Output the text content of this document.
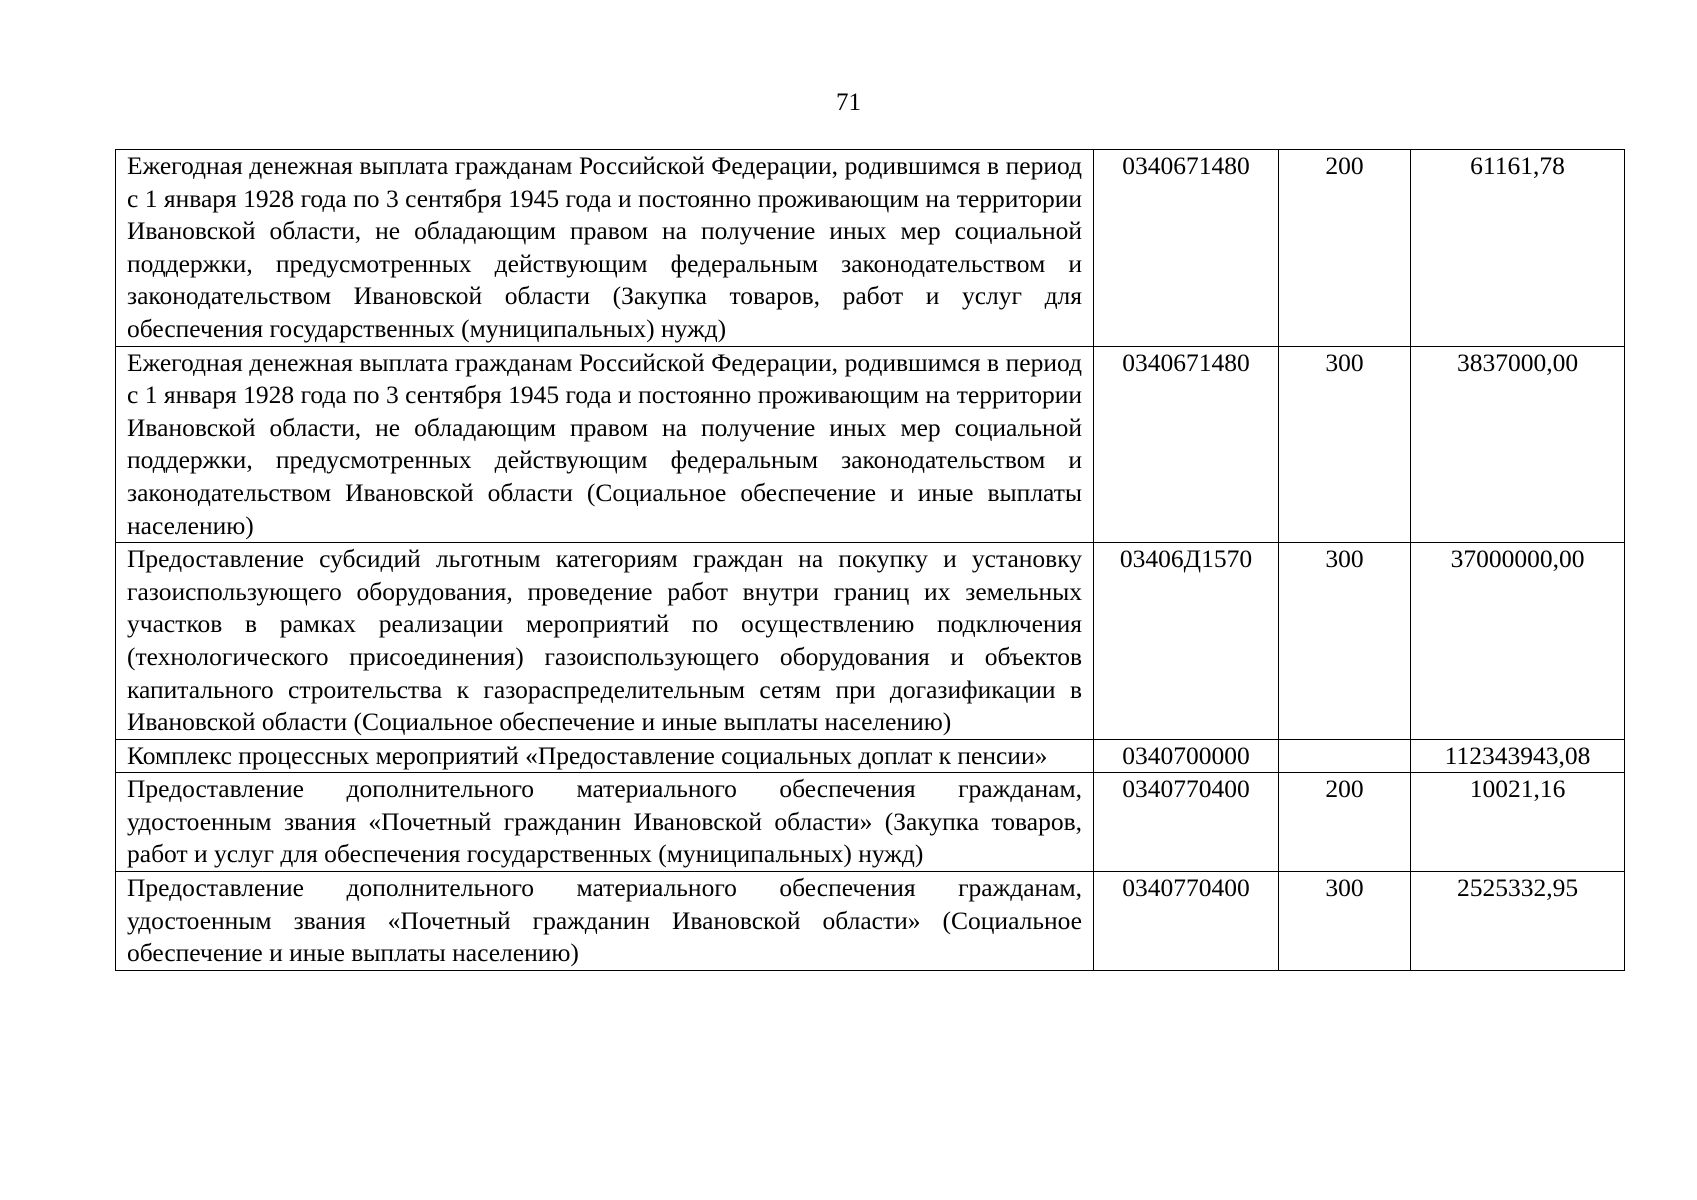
71
Ежегодная денежная выплата гражданам Российской Федерации, родившимся в период с 1 января 1928 года по 3 сентября 1945 года и постоянно проживающим на территории Ивановской области, не обладающим правом на получение иных мер социальной поддержки, предусмотренных действующим федеральным законодательством и законодательством Ивановской области (Закупка товаров, работ и услуг для обеспечения государственных (муниципальных) нужд)	0340671480	200	61161,78
Ежегодная денежная выплата гражданам Российской Федерации, родившимся в период с 1 января 1928 года по 3 сентября 1945 года и постоянно проживающим на территории Ивановской области, не обладающим правом на получение иных мер социальной поддержки, предусмотренных действующим федеральным законодательством и законодательством Ивановской области (Социальное обеспечение и иные выплаты населению)	0340671480	300	3837000,00
Предоставление субсидий льготным категориям граждан на покупку и установку газоиспользующего оборудования, проведение работ внутри границ их земельных участков в рамках реализации мероприятий по осуществлению подключения (технологического присоединения) газоиспользующего оборудования и объектов капитального строительства к газораспределительным сетям при догазификации в Ивановской области (Социальное обеспечение и иные выплаты населению)	03406Д1570	300	37000000,00
Комплекс процессных мероприятий «Предоставление социальных доплат к пенсии»	0340700000		112343943,08
Предоставление дополнительного материального обеспечения гражданам, удостоенным звания «Почетный гражданин Ивановской области» (Закупка товаров, работ и услуг для обеспечения государственных (муниципальных) нужд)	0340770400	200	10021,16
Предоставление дополнительного материального обеспечения гражданам, удостоенным звания «Почетный гражданин Ивановской области» (Социальное обеспечение и иные выплаты населению)	0340770400	300	2525332,95
